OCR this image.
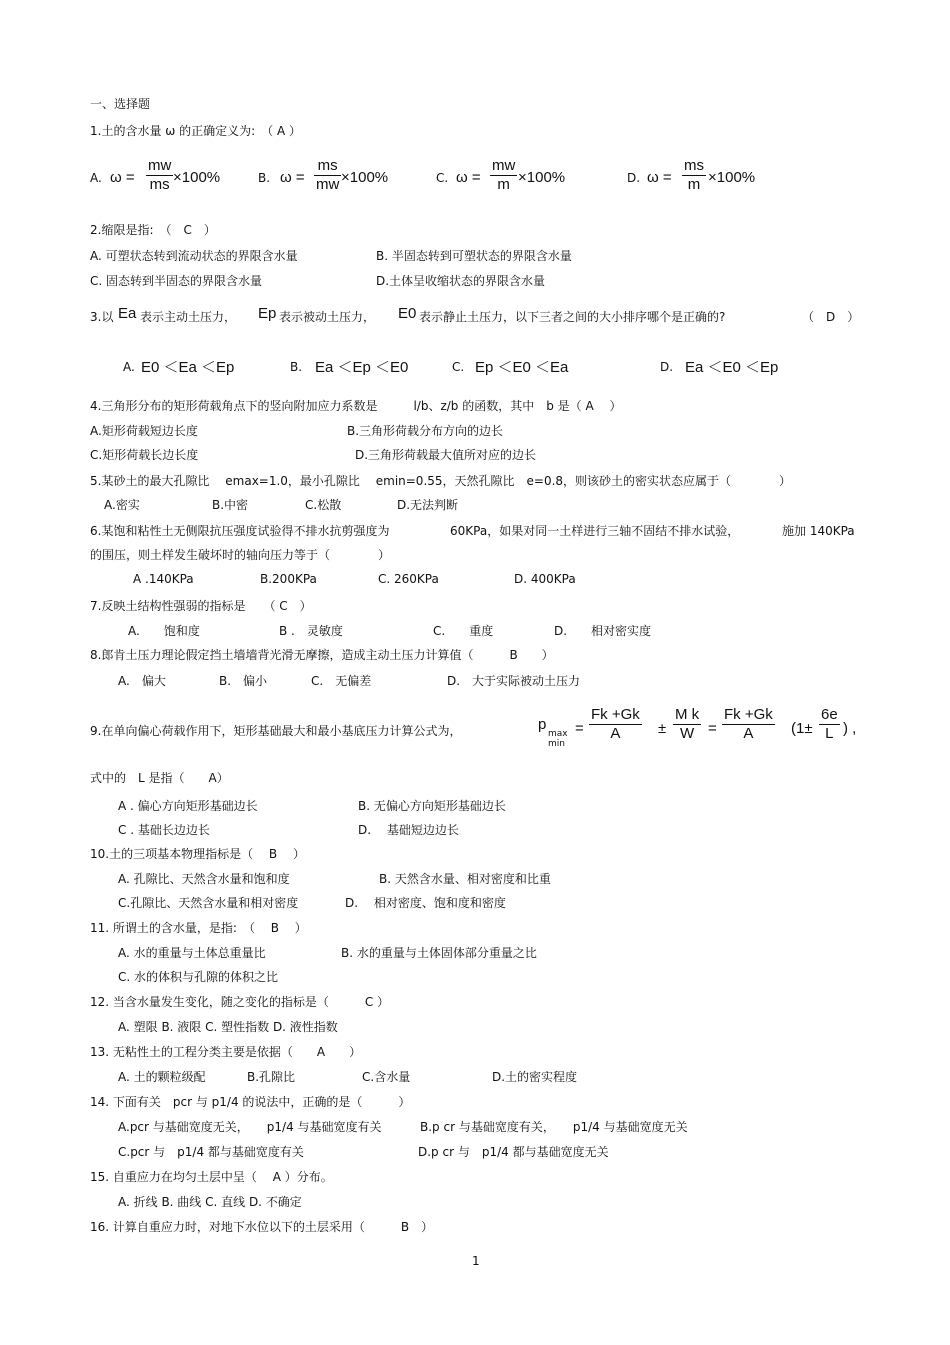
一、选择题
1.土的含水量 ω 的正确定义为:　（ A ）
A. $\omega = \frac{mw}{ms} \times 100\%$	B. $\omega = \frac{ms}{mw} \times 100\%$	C. $\omega = \frac{mw}{m} \times 100\%$	D. $\omega = \frac{ms}{m} \times 100\%$
2.缩限是指:　（　C　）
A. 可塑状态转到流动状态的界限含水量	B. 半固态转到可塑状态的界限含水量
C. 固态转到半固态的界限含水量	D.土体呈收缩状态的界限含水量
3.以 Ea 表示主动土压力， Ep 表示被动土压力， E0 表示静止土压力，以下三者之间的大小排序哪个是正确的?	（　D　）
A. E0 ＜Ea ＜Ep	B. Ea ＜Ep ＜E0	C. Ep ＜E0 ＜Ea	D. Ea ＜E0 ＜Ep
4.三角形分布的矩形荷载角点下的竖向附加应力系数是　　　l/b、z/b 的函数，其中　b 是（ A　 ）
A.矩形荷载短边长度	B.三角形荷载分布方向的边长
C.矩形荷载长边长度	D.三角形荷载最大值所对应的边长
5.某砂土的最大孔隙比　 emax=1.0，最小孔隙比　 emin=0.55，天然孔隙比　e=0.8，则该砂土的密实状态应属于（　　　　）
A.密实	B.中密	C.松散	D.无法判断
6.某饱和粘性土无侧限抗压强度试验得不排水抗剪强度为	60KPa，如果对同一土样进行三轴不固结不排水试验，	施加 140KPa
的围压，则土样发生破坏时的轴向压力等于（　　　　）
A .140KPa	B.200KPa	C. 260KPa	D. 400KPa
7.反映土结构性强弱的指标是　　（ C　）
A.　　饱和度	B .　灵敏度	C.　　重度	D.　　相对密实度
8.郎肯土压力理论假定挡土墙墙背光滑无摩擦，造成主动土压力计算值（　　　B　　）
A.　偏大	B.　偏小	C.　无偏差	D.　大于实际被动土压力
9.在单向偏心荷载作用下，矩形基础最大和最小基底压力计算公式为，	p
max
min
= $\frac{Fk +Gk}{A} \pm \frac{\text{M k}}{W} = \frac{Fk +Gk}{A} (1\pm \frac{6e}{L}$ ) ,
式中的　L 是指（　　A）
A . 偏心方向矩形基础边长	B. 无偏心方向矩形基础边长
C . 基础长边边长	D.　 基础短边边长
10.土的三项基本物理指标是（　 B　 ）
A. 孔隙比、天然含水量和饱和度	B. 天然含水量、相对密度和比重
C.孔隙比、天然含水量和相对密度	D.　 相对密度、饱和度和密度
11. 所谓土的含水量，是指:　（　 B　 ）
A. 水的重量与土体总重量比	B. 水的重量与土体固体部分重量之比
C. 水的体积与孔隙的体积之比
12. 当含水量发生变化，随之变化的指标是（　　　C ）
A. 塑限 B. 液限 C. 塑性指数 D. 液性指数
13. 无粘性土的工程分类主要是依据（　　A　　）
A. 土的颗粒级配	B.孔隙比	C.含水量	D.土的密实程度
14. 下面有关　pcr 与 p1/4 的说法中，正确的是（　　　）
A.pcr 与基础宽度无关，　　p1/4 与基础宽度有关	B.p cr 与基础宽度有关，　　p1/4 与基础宽度无关
C.pcr 与　p1/4 都与基础宽度有关	D.p cr 与　p1/4 都与基础宽度无关
15. 自重应力在均匀土层中呈（　 A ）分布。
A. 折线 B. 曲线 C. 直线 D. 不确定
16. 计算自重应力时，对地下水位以下的土层采用（　　　B　）
1
